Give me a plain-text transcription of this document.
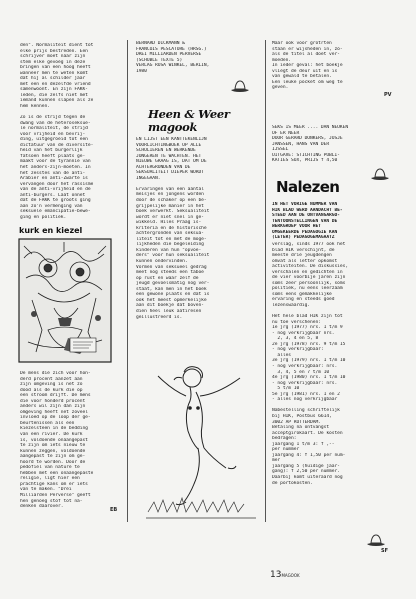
den". Normaliteit dient tot
elke prijs bestreden. Een
schrijver moet naar zijn
stem elke gevoeg in deze
bringen van een hoog heeft
wanneer men te weten komt
dat hij al schilder jaar
met een en dezelfde vriend
samenwoont. En zijn FAKK-
leden, die zelfs niet met
iemand kunnen slapen als ze
hem kennen.
Zo is de strijd tegen de
dwang van de heteroseksue-
le normaliteit, de strijd
voor vrijheid en bevrij-
ding, uitgegroeid tot een
dictatuur van de diversite-
heid van het burgerlijk
fatsoen heeft plaats ge-
maakt voor de tyrannie van
het anders-zijn-moeten. In
het zesstes van de anti-
Arabier en anti-Zwarte is
vervangen door het rassisme
van de anti-vrijheid en de
anti-burgers. Laat onnet
dat de FAKK te groots ging
aan zo'n vermenging van
seksuele emancipatie-bewe-
ging en politiek.
kurk en kiezel
De mens die zich voor hon-
derd procent aanzet aan
zijn omgeving is net zo
dood als de kurk die op
een stroom drijft. De mens
die voor honderd procent
anders wil zijn dan zijn
omgeving heeft net zoveel
invloed op de loop der ge-
beurtenissen als een
kiezelsteen in de bedding
van een rivier. De kurk
is, voldoende onaangepast
te zijn om iets nieuw te
kunnen zeggen, voldoende
aangepast te zijn om ge-
hoord te worden. Door de
pedofiel van nature te
hebben met een onaangepaste
religie, ligt hier een
prachtige kans om er iets
van te maken. "Drei
Milliarden Perverse" geeft
hen genoeg stof tot na-
denken daarover.
EB
BERNARD DICKMANN &
FRANCOIS PESCATORE (HRSG.)
DREI MILLIARDEN PERVERSE
(SCHUBLE TEXTE 5)
VERLAG ROSA WINKEL, BERLIN,
1980
Heen & Weer magook
EN LIJST EEN KANTTEKENLIJN
VOORLICHTINGBOEK OP ALLE
SCHOLIEREN EN WERKENDE
JONGEREN TE WACHTEN. HET
NIEUWE GRAAG IS, DAT OM DE
ACHTERGRONDEN VAN DE
SEKSUALITEIT DIEPER WORDT
INGEGAAN.
Ervaringen van een aantal
meisjes en jongens worden
door de schaker op een be-
grijpelijke manier in het
boek verwerkt. Seksualiteit
wordt er niet snel in ge-
wikkeld. Hiles Praag is-
kriteria en de historische
achtergronden van seksua-
liteit tot en met de moge-
lijkheden die begeleiding
kinderen van hun "opvoe-
ders" voor hun seksualiteit
kunnen ondervinden.
Vormen van seksueel gedrag
meet nog steeds een taboe
op rust en waar zelf de
jeugd gevoelsmatig nog ver-
staat, kan men in het boek
een gewone plaats en dat is
ook het meest opmerkelijke
aan dit boekje dat boven-
dien heel leuk aatiresen
geillustreerd is.
Maar ook voor grotrten
staan er wijsheden in, zo-
als de titel al doet ver-
moeden.
In ieder geval: het boekje
vliegt de deur uit en is
van gewald te betalen.
Een leuke pocket om weg te
geven.
PV
SEKS IS MEER .... DAN NEUKEN
OF ER NEER
DOOR GERARD DONKERS, JOSJE
JANSSEN, HANS VAN DER
IJSSEL
UITGAVE: STICHTING PUBLI-
KATIES SOX, PRIJS f 4,50
Nalezen
IN HET VORIGE NUMMER VAN
HIK BLAD WERD AANDACHT BE-
STEED AAN DE ONTVANGARGO-
TENTOONSTELLINGEN VAN DE
WERKGROEP VOOR HET
OMGEKEERDE PEDAGOGIE KAN
(LETER) PEDAGOGEMAGAATZ
verslag, sinds 1977 ook het
blad HIK verschijnt, de
meeste drie jeugdengen
omvat als letter opkomst
activiteiten. De diskussies,
verschalen en gedichten in
de vier voorbije jaren zijn
soms zeer persoonlijk, soms
politiek, nu eens leerzaam
soms eens gemakkelijke
ervaring en steeds goed
lezenswaardig.
Het hele blad HIK zijn tot
nu toe verschenen:
1e jrg (1977) nrs. 1 t/m 9
- nog verkrijgbaar nrs.
2, 3, 4 en 5, 8
2e jrg (1978) nrs. 9 t/m 15
- nog verkrijgbaar:
alles
3e jrg (1979) nrs. 1 t/m 10
- nog verkrijgbaar: nrs.
3, 4, 5 en 7 t/m 10
4e jrg (1980) nrs. 1 t/m 10
- nog verkrijgbaar: nrs.
5 t/m 10
5e jrg (1981) nrs. 1 en 2
- alles nog verkrijgbaar
Nabestelling schriftelijk
bij HIK, Postbus 6614,
3002 AP ROTTERDAM.
Betaling na ontvangst
acceptgirokaart. De kosten
bedragen:
jaargang 1 t/m 3: f ,--
per nummer
jaargang 4: f 1,50 per num-
mer
jaargang 5 (huidige jaar-
gang): f 2,50 per nummer.
Daarbij komt uiteraard nog
de portokosten.
SF
13MAGOOK
